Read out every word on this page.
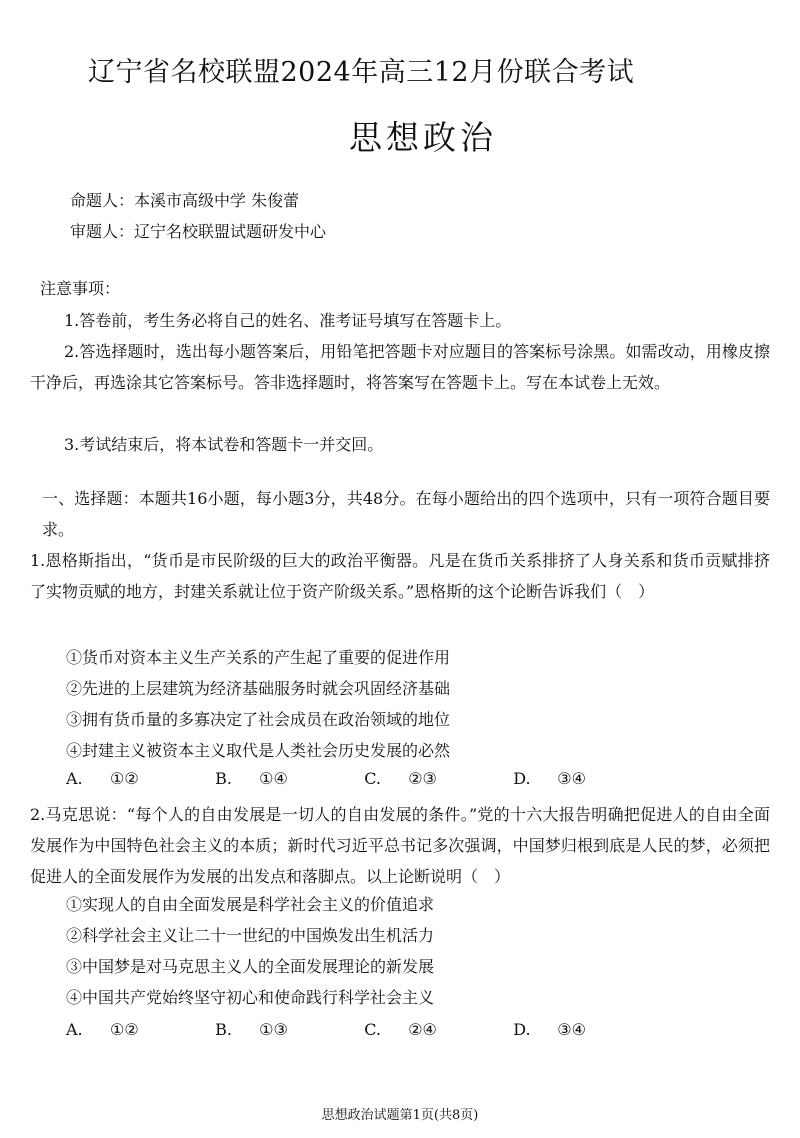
辽宁省名校联盟2024年高三12月份联合考试
思想政治
命题人：本溪市高级中学 朱俊蕾
审题人：辽宁名校联盟试题研发中心
注意事项：
1.答卷前，考生务必将自己的姓名、准考证号填写在答题卡上。
2.答选择题时，选出每小题答案后，用铅笔把答题卡对应题目的答案标号涂黑。如需改动，用橡皮擦干净后，再选涂其它答案标号。答非选择题时，将答案写在答题卡上。写在本试卷上无效。
3.考试结束后，将本试卷和答题卡一并交回。
一、选择题：本题共16小题，每小题3分，共48分。在每小题给出的四个选项中，只有一项符合题目要求。
1.恩格斯指出，“货币是市民阶级的巨大的政治平衡器。凡是在货币关系排挤了人身关系和货币贡赋排挤了实物贡赋的地方，封建关系就让位于资产阶级关系。”恩格斯的这个论断告诉我们（　）
①货币对资本主义生产关系的产生起了重要的促进作用
②先进的上层建筑为经济基础服务时就会巩固经济基础
③拥有货币量的多寡决定了社会成员在政治领域的地位
④封建主义被资本主义取代是人类社会历史发展的必然
A. ①②	B. ①④	C. ②③	D. ③④
2.马克思说：“每个人的自由发展是一切人的自由发展的条件。”党的十六大报告明确把促进人的自由全面发展作为中国特色社会主义的本质；新时代习近平总书记多次强调，中国梦归根到底是人民的梦，必须把促进人的全面发展作为发展的出发点和落脚点。以上论断说明（　）
①实现人的自由全面发展是科学社会主义的价值追求
②科学社会主义让二十一世纪的中国焕发出生机活力
③中国梦是对马克思主义人的全面发展理论的新发展
④中国共产党始终坚守初心和使命践行科学社会主义
A. ①②	B. ①③	C. ②④	D. ③④
思想政治试题第1页(共8页)
